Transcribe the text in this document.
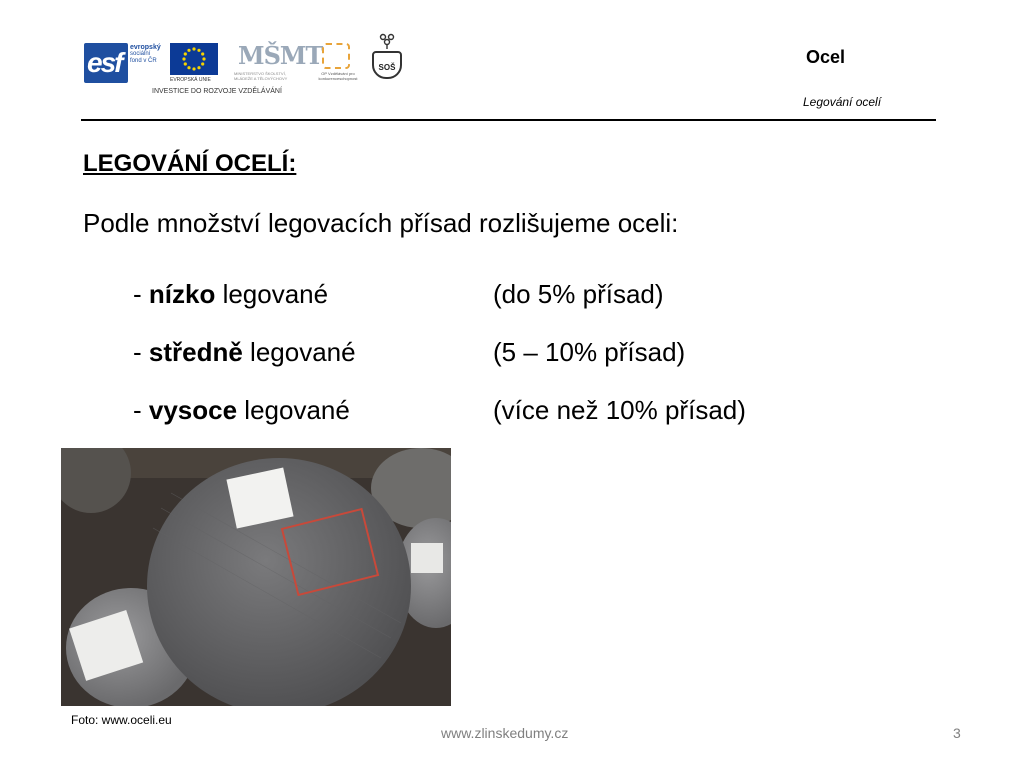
esf evropský
sociální
fond v ČR
EVROPSKÁ UNIE
MŠMT
MINISTERSTVO ŠKOLSTVÍ, MLÁDEŽE A TĚLOVÝCHOVY
OP Vzdělávání pro konkurenceschopnost
SOŠ
INVESTICE DO ROZVOJE VZDĚLÁVÁNÍ
Ocel
Legování ocelí
LEGOVÁNÍ OCELÍ:
Podle množství legovacích přísad rozlišujeme oceli:
- nízko legované	(do 5% přísad)
- středně legované	(5 – 10% přísad)
- vysoce legované	(více než 10% přísad)
Foto: www.oceli.eu
www.zlinskedumy.cz	3
